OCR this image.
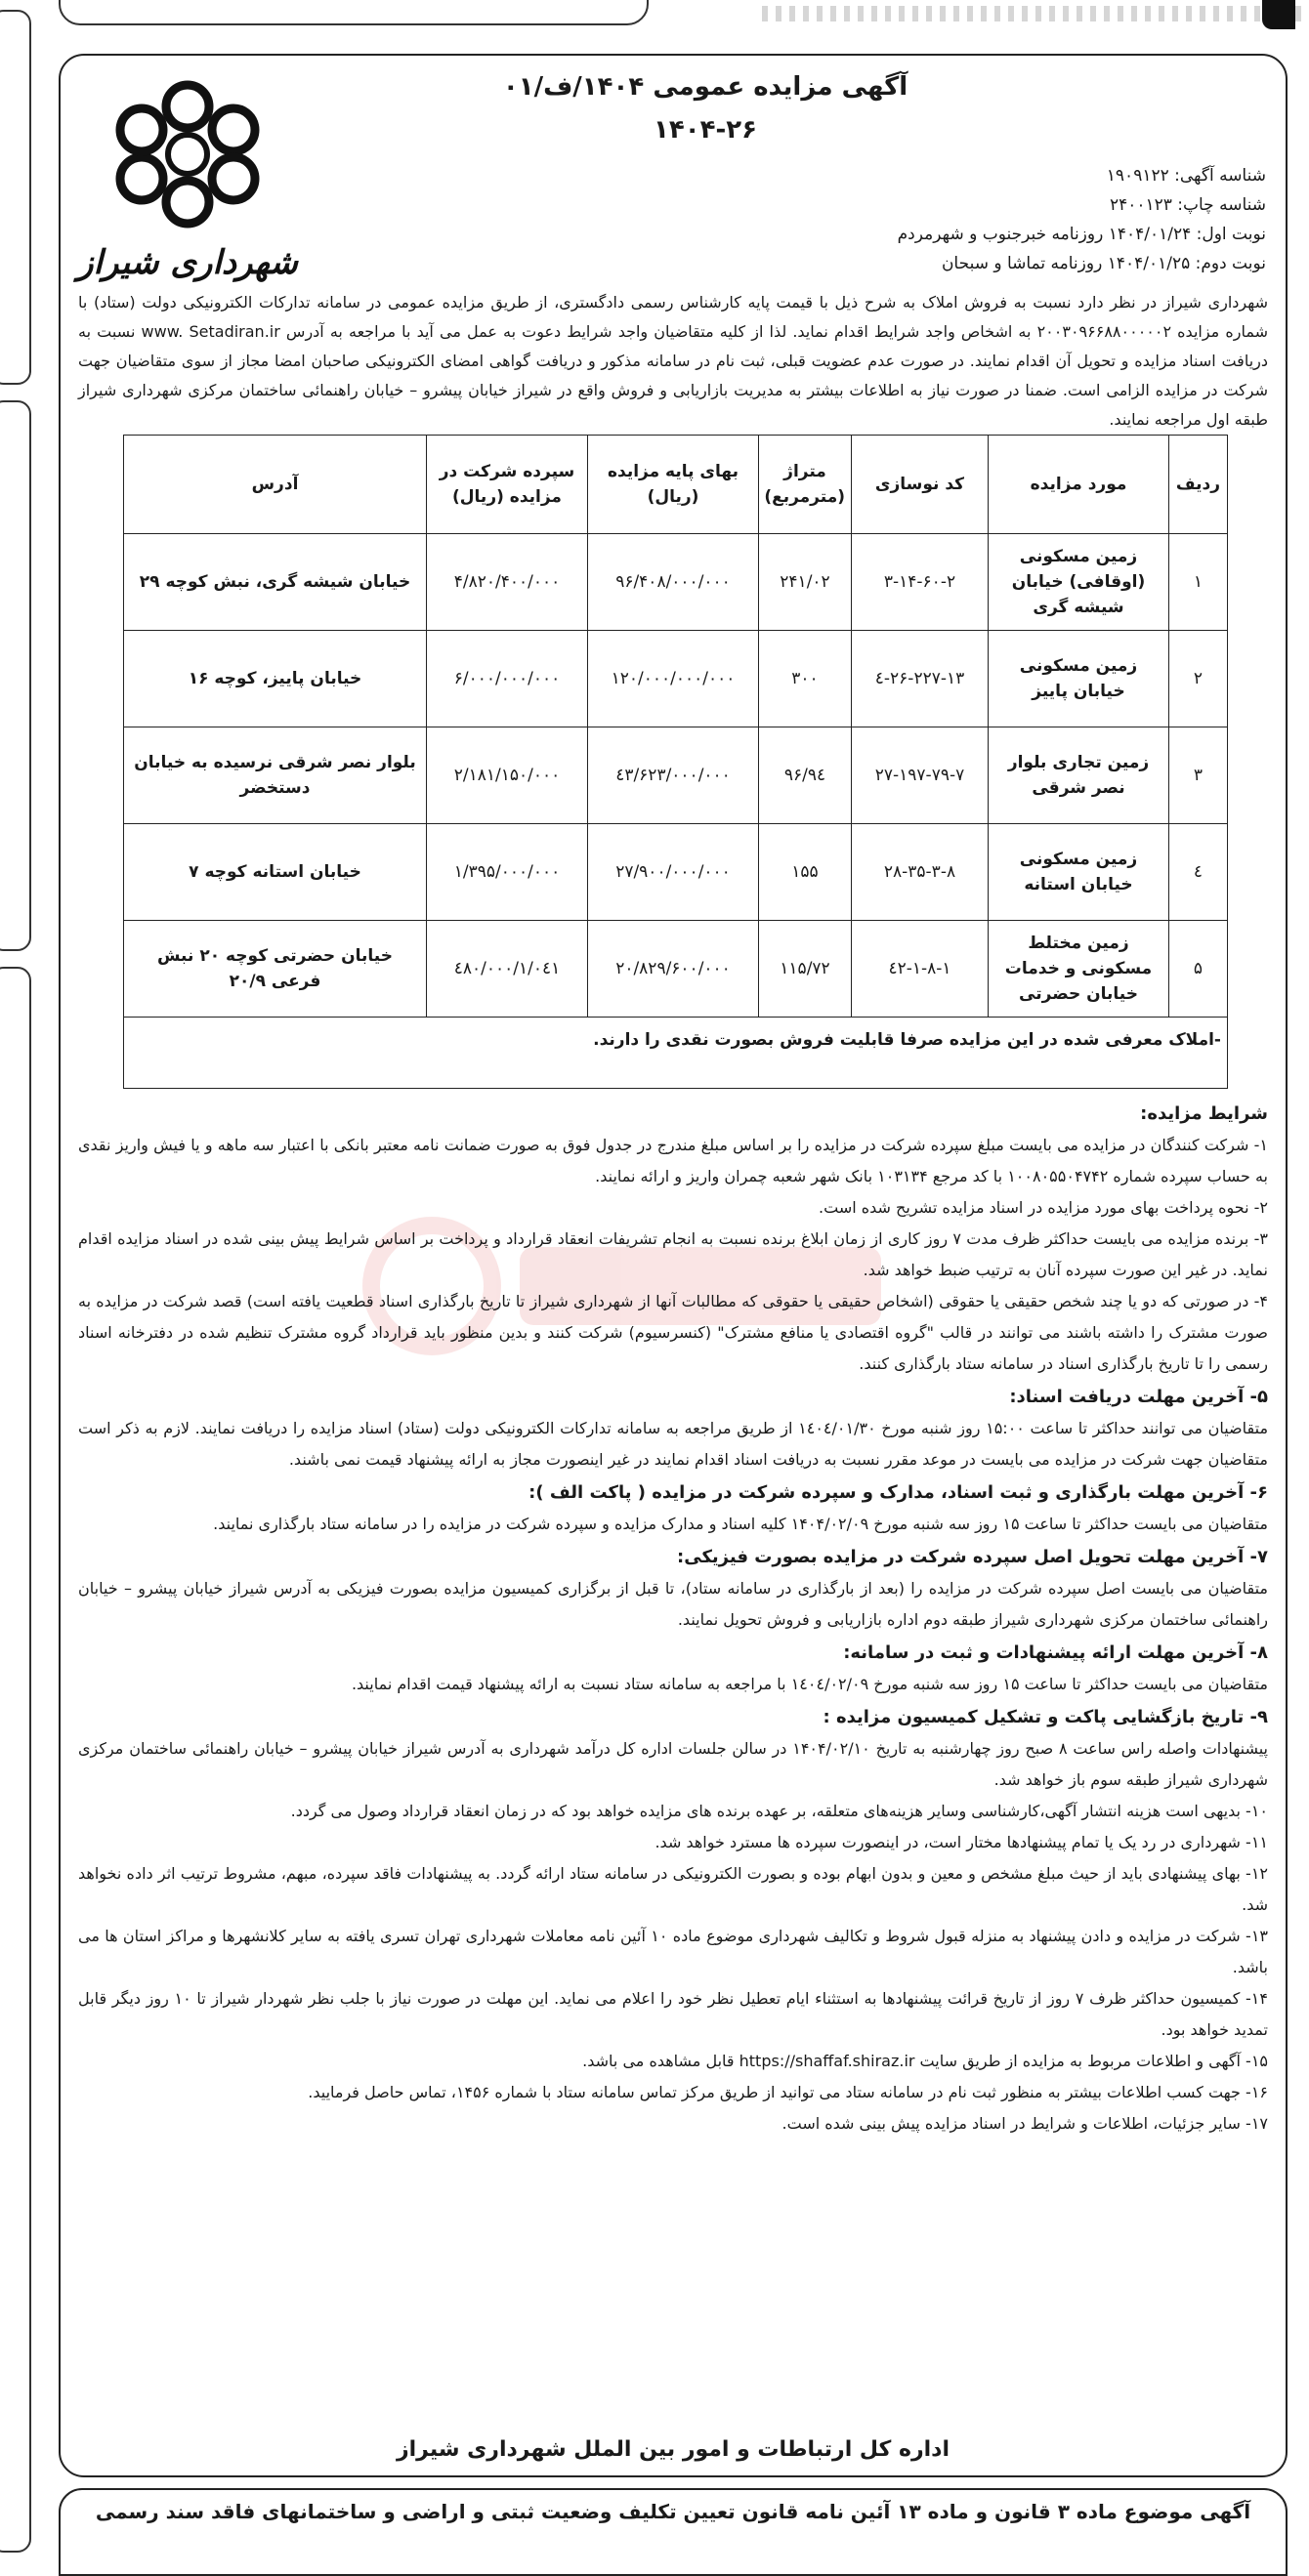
شهرداری شیراز
آگهی مزایده عمومی ۱۴۰۴/ف/۰۱
۱۴۰۴-۲۶
شناسه آگهی: ۱۹۰۹۱۲۲
شناسه چاپ: ۲۴۰۰۱۲۳
نوبت اول: ۱۴۰۴/۰۱/۲۴ روزنامه خبرجنوب و شهرمردم
نوبت دوم: ۱۴۰۴/۰۱/۲۵ روزنامه تماشا و سبحان
شهرداری شیراز در نظر دارد نسبت به فروش املاک به شرح ذیل با قیمت پایه کارشناس رسمی دادگستری، از طریق مزایده عمومی در سامانه تدارکات الکترونیکی دولت (ستاد) با شماره مزایده ۲۰۰۳۰۹۶۶۸۸۰۰۰۰۰۲ به اشخاص واجد شرایط اقدام نماید. لذا از کلیه متقاضیان واجد شرایط دعوت به عمل می آید با مراجعه به آدرس www. Setadiran.ir نسبت به دریافت اسناد مزایده و تحویل آن اقدام نمایند. در صورت عدم عضویت قبلی، ثبت نام در سامانه مذکور و دریافت گواهی امضای الکترونیکی صاحبان امضا مجاز از سوی متقاضیان جهت شرکت در مزایده الزامی است. ضمنا در صورت نیاز به اطلاعات بیشتر به مدیریت بازاریابی و فروش واقع در شیراز خیابان پیشرو – خیابان راهنمائی ساختمان مرکزی شهرداری شیراز طبقه اول مراجعه نمایند.
ردیف	مورد مزایده	کد نوسازی	متراژ (مترمربع)	بهای پایه مزایده (ریال)	سپرده شرکت در مزایده (ریال)	آدرس
۱	زمین مسکونی (اوقافی) خیابان شیشه گری	۳-۱۴-۶۰-۲	۲۴۱/۰۲	۹۶/۴۰۸/۰۰۰/۰۰۰	۴/۸۲۰/۴۰۰/۰۰۰	خیابان شیشه گری، نبش کوچه ۲۹
۲	زمین مسکونی خیابان پاییز	۲۶-۲۲۷-۱۳-٤	۳۰۰	۱۲۰/۰۰۰/۰۰۰/۰۰۰	۶/۰۰۰/۰۰۰/۰۰۰	خیابان پاییز، کوچه ۱۶
۳	زمین تجاری بلوار نصر شرقی	۲۷-۱۹۷-۷۹-۷	۹۶/۹٤	٤۳/۶۲۳/۰۰۰/۰۰۰	۲/۱۸۱/۱۵۰/۰۰۰	بلوار نصر شرقی نرسیده به خیابان دستخضر
٤	زمین مسکونی خیابان استانه	۲۸-۳۵-۳-۸	۱۵۵	۲۷/۹۰۰/۰۰۰/۰۰۰	۱/۳۹۵/۰۰۰/۰۰۰	خیابان استانه کوچه ۷
۵	زمین مختلط مسکونی و خدمات خیابان حضرتی	۱-٤۲-۱-۸	۱۱۵/۷۲	۲۰/۸۲۹/۶۰۰/۰۰۰	۱/۰٤۱/٤۸۰/۰۰۰	خیابان حضرتی کوچه ۲۰ نبش فرعی ۲۰/۹
-املاک معرفی شده در این مزایده صرفا قابلیت فروش بصورت نقدی را دارند.						

شرایط مزایده:

۱- شرکت کنندگان در مزایده می بایست مبلغ سپرده شرکت در مزایده را بر اساس مبلغ مندرج در جدول فوق به صورت ضمانت نامه معتبر بانکی با اعتبار سه ماهه و یا فیش واریز نقدی به حساب سپرده شماره ۱۰۰۸۰۵۵۰۴۷۴۲ با کد مرجع ۱۰۳۱۳۴ بانک شهر شعبه چمران واریز و ارائه نمایند.

۲- نحوه پرداخت بهای مورد مزایده در اسناد مزایده تشریح شده است.

۳- برنده مزایده می بایست حداکثر ظرف مدت ۷ روز کاری از زمان ابلاغ برنده نسبت به انجام تشریفات انعقاد قرارداد و پرداخت بر اساس شرایط پیش بینی شده در اسناد مزایده اقدام نماید. در غیر این صورت سپرده آنان به ترتیب ضبط خواهد شد.

۴- در صورتی که دو یا چند شخص حقیقی یا حقوقی (اشخاص حقیقی یا حقوقی که مطالبات آنها از شهرداری شیراز تا تاریخ بارگذاری اسناد قطعیت یافته است) قصد شرکت در مزایده به صورت مشترک را داشته باشند می توانند در قالب "گروه اقتصادی یا منافع مشترک" (کنسرسیوم) شرکت کنند و بدین منظور باید قرارداد گروه مشترک تنظیم شده در دفترخانه اسناد رسمی را تا تاریخ بارگذاری اسناد در سامانه ستاد بارگذاری کنند.

۵- آخرین مهلت دریافت اسناد:

متقاضیان می توانند حداکثر تا ساعت ۱۵:۰۰ روز شنبه مورخ ۱٤۰٤/۰۱/۳۰ از طریق مراجعه به سامانه تدارکات الکترونیکی دولت (ستاد) اسناد مزایده را دریافت نمایند. لازم به ذکر است متقاضیان جهت شرکت در مزایده می بایست در موعد مقرر نسبت به دریافت اسناد اقدام نمایند در غیر اینصورت مجاز به ارائه پیشنهاد قیمت نمی باشند.

۶- آخرین مهلت بارگذاری و ثبت اسناد، مدارک و سپرده شرکت در مزایده ( پاکت الف ):

متقاضیان می بایست حداکثر تا ساعت ۱۵ روز سه شنبه مورخ ۱۴۰۴/۰۲/۰۹ کلیه اسناد و مدارک مزایده و سپرده شرکت در مزایده را در سامانه ستاد بارگذاری نمایند.

۷- آخرین مهلت تحویل اصل سپرده شرکت در مزایده بصورت فیزیکی:

متقاضیان می بایست اصل سپرده شرکت در مزایده را (بعد از بارگذاری در سامانه ستاد)، تا قبل از برگزاری کمیسیون مزایده بصورت فیزیکی به آدرس شیراز خیابان پیشرو – خیابان راهنمائی ساختمان مرکزی شهرداری شیراز طبقه دوم اداره بازاریابی و فروش تحویل نمایند.

۸- آخرین مهلت ارائه پیشنهادات و ثبت در سامانه:

متقاضیان می بایست حداکثر تا ساعت ۱۵ روز سه شنبه مورخ ۱٤۰٤/۰۲/۰۹ با مراجعه به سامانه ستاد نسبت به ارائه پیشنهاد قیمت اقدام نمایند.

۹- تاریخ بازگشایی پاکت و تشکیل کمیسیون مزایده :

پیشنهادات واصله راس ساعت ۸ صبح روز چهارشنبه به تاریخ ۱۴۰۴/۰۲/۱۰ در سالن جلسات اداره کل درآمد شهرداری به آدرس شیراز خیابان پیشرو – خیابان راهنمائی ساختمان مرکزی شهرداری شیراز طبقه سوم باز خواهد شد.

۱۰- بدیهی است هزینه انتشار آگهی،کارشناسی وسایر هزینه‌های متعلقه، بر عهده برنده های مزایده خواهد بود که در زمان انعقاد قرارداد وصول می گردد.

۱۱- شهرداری در رد یک یا تمام پیشنهادها مختار است، در اینصورت سپرده ها مسترد خواهد شد.

۱۲- بهای پیشنهادی باید از حیث مبلغ مشخص و معین و بدون ابهام بوده و بصورت الکترونیکی در سامانه ستاد ارائه گردد. به پیشنهادات فاقد سپرده، مبهم، مشروط ترتیب اثر داده نخواهد شد.

۱۳- شرکت در مزایده و دادن پیشنهاد به منزله قبول شروط و تکالیف شهرداری موضوع ماده ۱۰ آئین نامه معاملات شهرداری تهران تسری یافته به سایر کلانشهرها و مراکز استان ها می باشد.

۱۴- کمیسیون حداکثر ظرف ۷ روز از تاریخ قرائت پیشنهادها به استثناء ایام تعطیل نظر خود را اعلام می نماید. این مهلت در صورت نیاز با جلب نظر شهردار شیراز تا ۱۰ روز دیگر قابل تمدید خواهد بود.

۱۵- آگهی و اطلاعات مربوط به مزایده از طریق سایت https://shaffaf.shiraz.ir قابل مشاهده می باشد.

۱۶- جهت کسب اطلاعات بیشتر به منظور ثبت نام در سامانه ستاد می توانید از طریق مرکز تماس سامانه ستاد با شماره ۱۴۵۶، تماس حاصل فرمایید.

۱۷- سایر جزئیات، اطلاعات و شرایط در اسناد مزایده پیش بینی شده است.

اداره کل ارتباطات و امور بین الملل شهرداری شیراز
آگهی موضوع ماده ۳ قانون و ماده ۱۳ آئین نامه قانون تعیین تکلیف وضعیت ثبتی و اراضی و ساختمانهای فاقد سند رسمی
